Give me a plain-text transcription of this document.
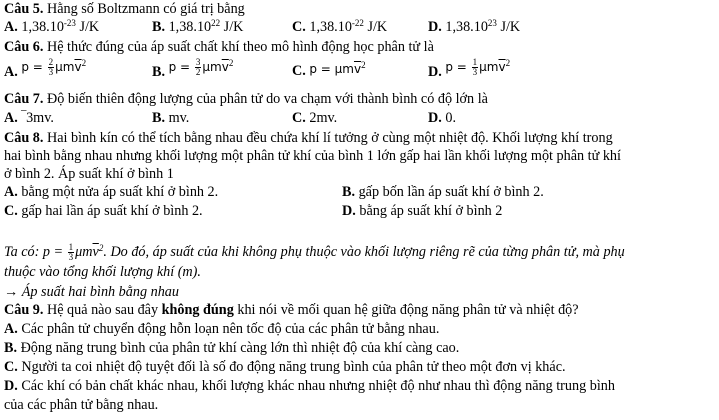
Câu 5. Hằng số Boltzmann có giá trị bằng
A. $1,38.10^{-23}$ J/K	B. 1,38.10$^{22}$ J/K	C. $1,38.10^{-22}$ J/K	D. 1,38.10$^{23}$ J/K
Câu 6. Hệ thức đúng của áp suất chất khí theo mô hình động học phân tử là
A. $p = \frac{2}{3} \mu m\overline{v}^2$
B. $p = \frac{3}{2} \mu m\overline{v}^2$
C. $p = \mu m\overline{v}^2$	D. $p = \frac{1}{3} \mu m\overline{v}^2$
Câu 7. Độ biến thiên động lượng của phân tử do va chạm với thành bình có độ lớn là
A. ‾3mv.	B. mv.	C. 2mv.	D. 0.
Câu 8. Hai bình kín có thể tích bằng nhau đều chứa khí lí tưởng ở cùng một nhiệt độ. Khối lượng khí trong
hai bình bằng nhau nhưng khối lượng một phân tử khí của bình 1 lớn gấp hai lần khối lượng một phân tử khí
ở bình 2. Áp suất khí ở bình 1
A. bằng một nửa áp suất khí ở bình 2.	B. gấp bốn lần áp suất khí ở bình 2.
C. gấp hai lần áp suất khí ở bình 2.	D. bằng áp suất khí ở bình 2
Ta có: $p = \frac{1}{3} \mu m\overline{v}^2$. Do đó, áp suất của khi không phụ thuộc vào khối lượng riêng rẽ của từng phân tử, mà phụ
thuộc vào tổng khối lượng khí (m).
→ Áp suất hai bình bằng nhau
Câu 9. Hệ quả nào sau đây không đúng khi nói về mối quan hệ giữa động năng phân tử và nhiệt độ?
A. Các phân tử chuyển động hỗn loạn nên tốc độ của các phân tử bằng nhau.
B. Động năng trung bình của phân tử khí càng lớn thì nhiệt độ của khí càng cao.
C. Người ta coi nhiệt độ tuyệt đối là số đo động năng trung bình của phân tử theo một đơn vị khác.
D. Các khí có bản chất khác nhau, khối lượng khác nhau nhưng nhiệt độ như nhau thì động năng trung bình
của các phân tử bằng nhau.
